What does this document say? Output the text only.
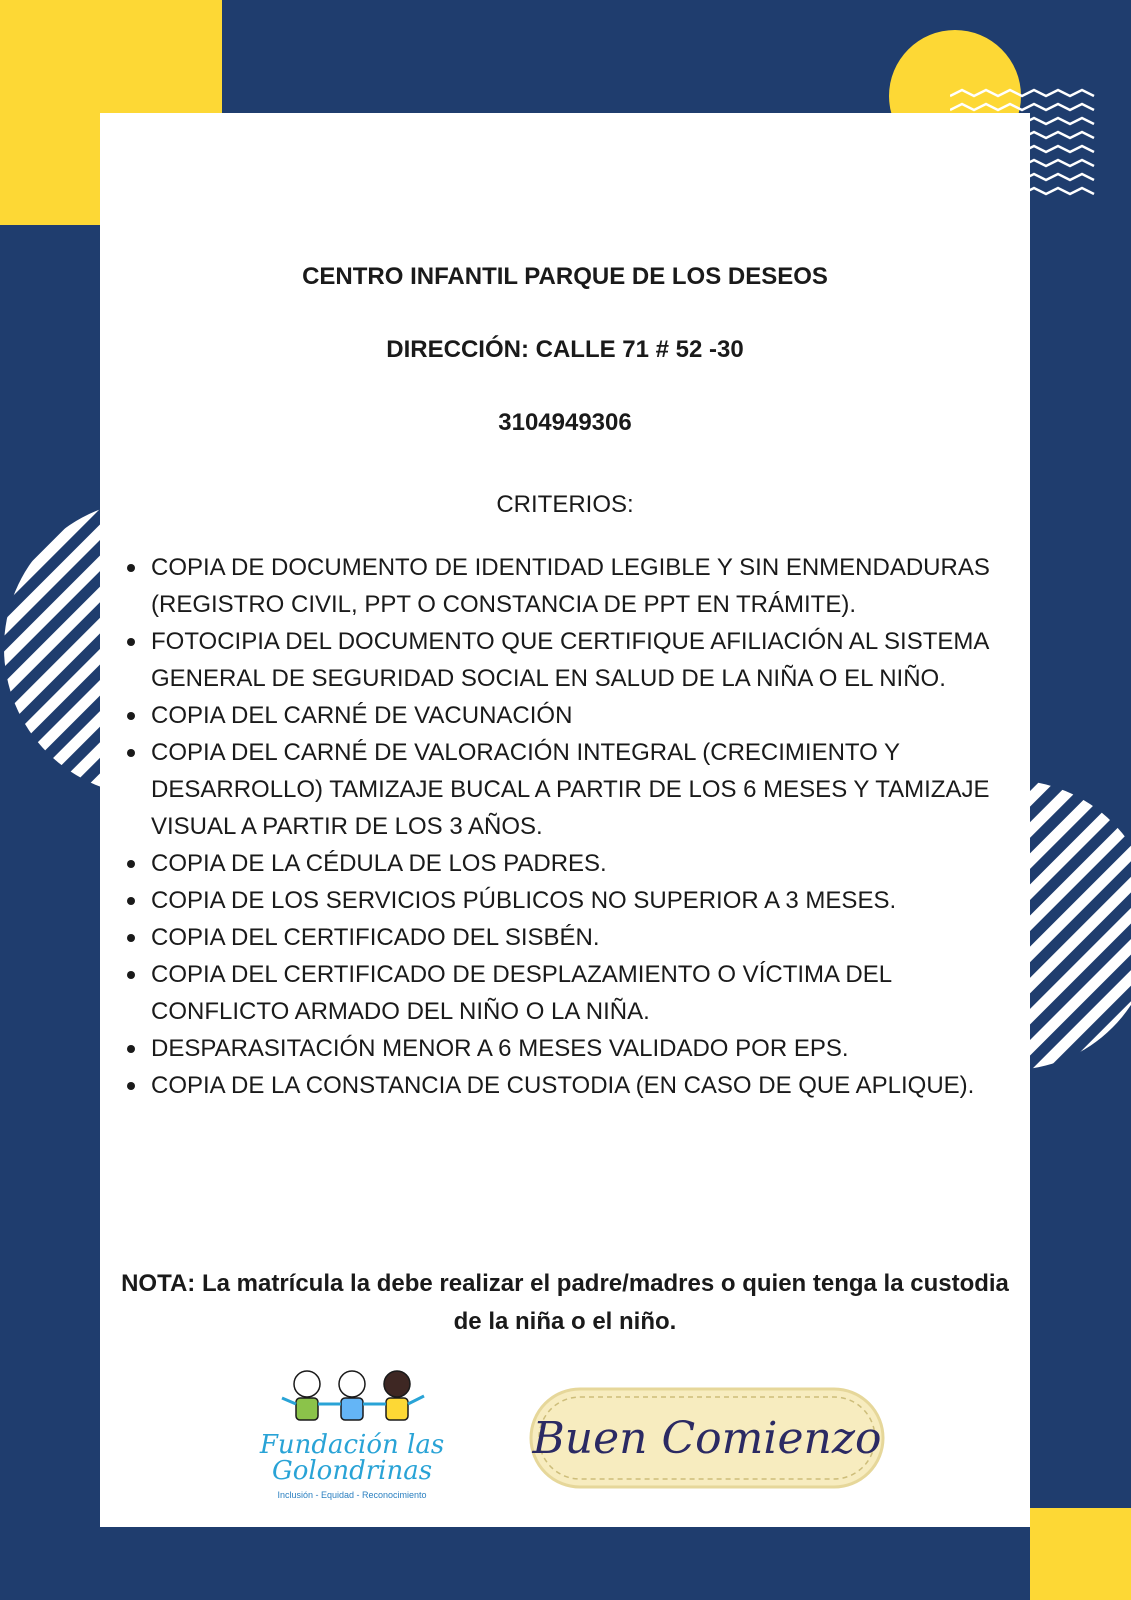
CENTRO INFANTIL PARQUE DE LOS DESEOS
DIRECCIÓN: CALLE 71 # 52 -30
3104949306
CRITERIOS:
COPIA DE DOCUMENTO DE IDENTIDAD LEGIBLE Y SIN ENMENDADURAS (REGISTRO CIVIL, PPT O CONSTANCIA DE PPT EN TRÁMITE).
FOTOCIPIA DEL DOCUMENTO QUE CERTIFIQUE AFILIACIÓN AL SISTEMA GENERAL DE SEGURIDAD SOCIAL EN SALUD DE LA NIÑA O EL NIÑO.
COPIA DEL CARNÉ DE VACUNACIÓN
COPIA DEL CARNÉ DE VALORACIÓN INTEGRAL (CRECIMIENTO Y DESARROLLO) TAMIZAJE BUCAL A PARTIR DE LOS 6 MESES Y TAMIZAJE VISUAL A PARTIR DE LOS 3 AÑOS.
COPIA DE LA CÉDULA DE LOS PADRES.
COPIA DE LOS SERVICIOS PÚBLICOS NO SUPERIOR A 3 MESES.
COPIA DEL CERTIFICADO DEL SISBÉN.
COPIA DEL CERTIFICADO DE DESPLAZAMIENTO O VÍCTIMA DEL CONFLICTO ARMADO DEL NIÑO O LA NIÑA.
DESPARASITACIÓN MENOR A 6 MESES VALIDADO POR EPS.
COPIA DE LA CONSTANCIA DE CUSTODIA (EN CASO DE QUE APLIQUE).
NOTA: La matrícula la debe realizar el padre/madres o quien tenga la custodia de la niña o el niño.
Fundación las Golondrinas
Inclusión - Equidad - Reconocimiento
Buen Comienzo
